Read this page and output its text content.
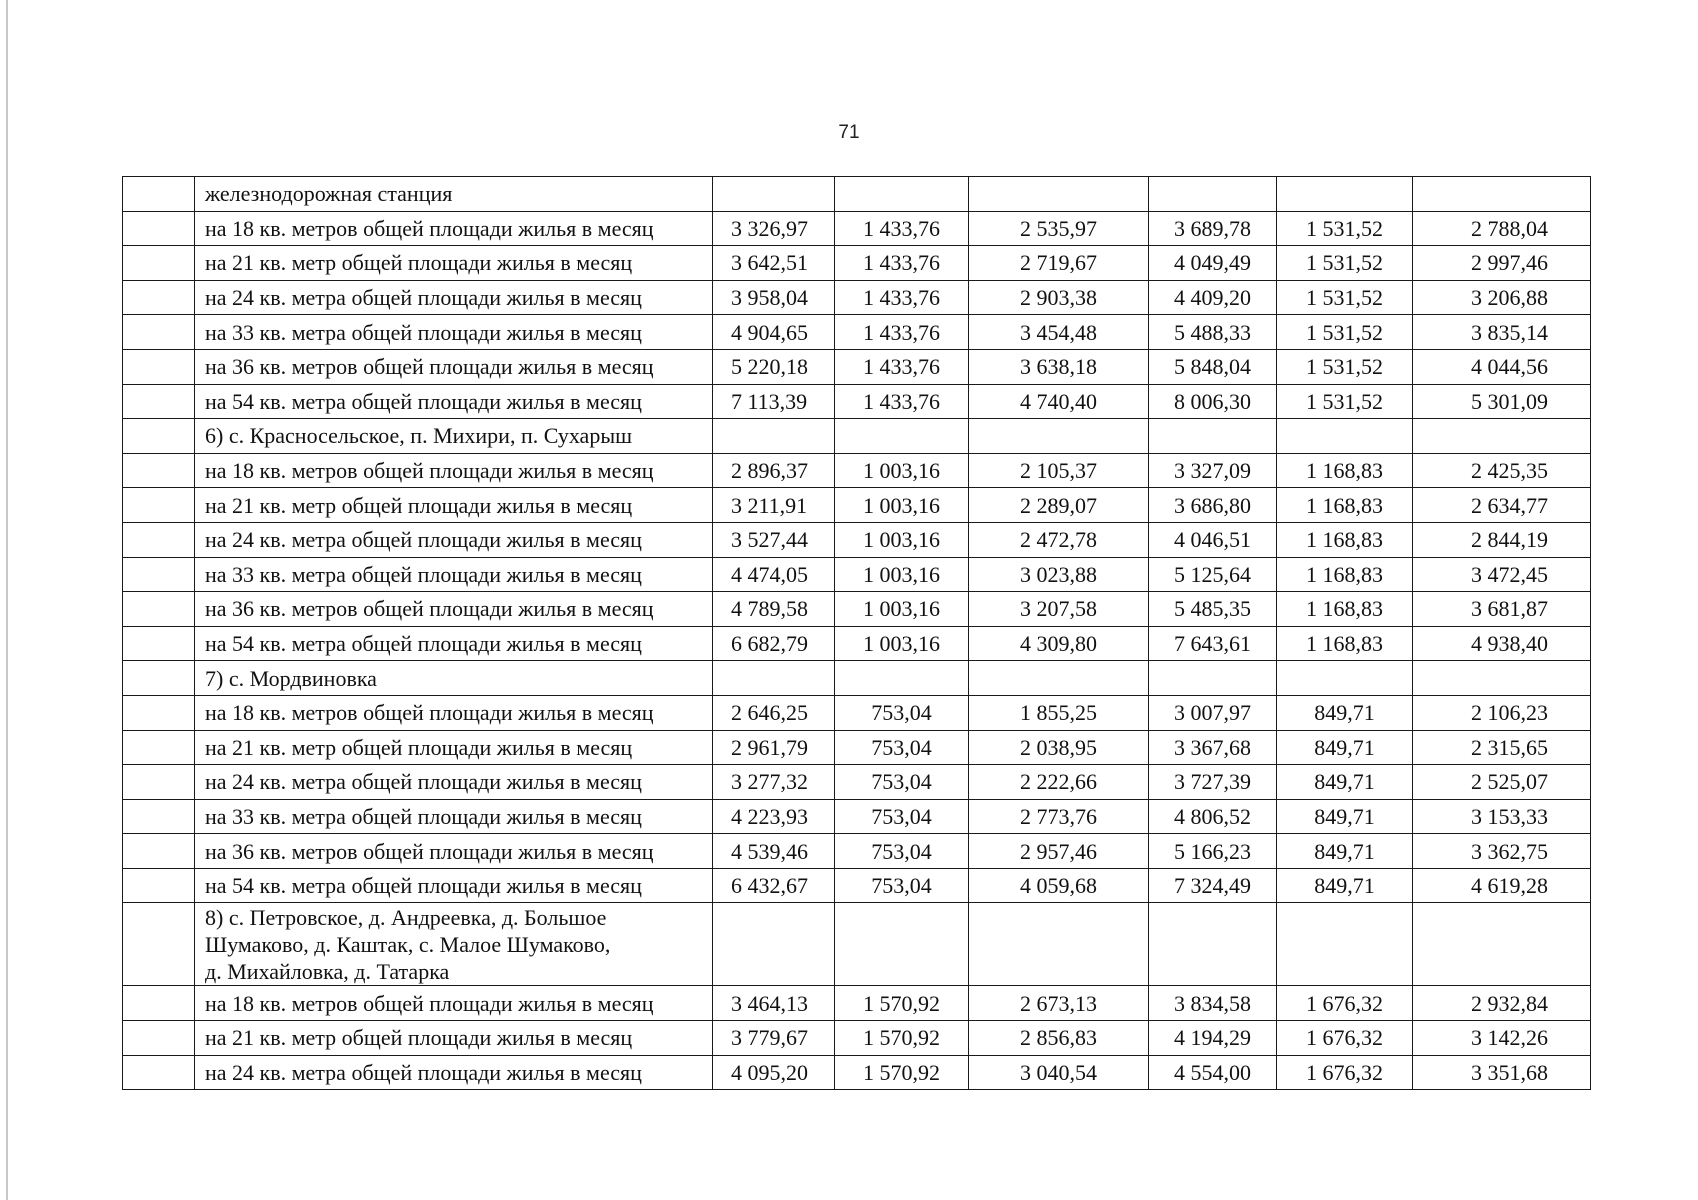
71
	железнодорожная станция						
	на 18 кв. метров общей площади жилья в месяц	3 326,97	1 433,76	2 535,97	3 689,78	1 531,52	2 788,04
	на 21 кв. метр общей площади жилья в месяц	3 642,51	1 433,76	2 719,67	4 049,49	1 531,52	2 997,46
	на 24 кв. метра общей площади жилья в месяц	3 958,04	1 433,76	2 903,38	4 409,20	1 531,52	3 206,88
	на 33 кв. метра общей площади жилья в месяц	4 904,65	1 433,76	3 454,48	5 488,33	1 531,52	3 835,14
	на 36 кв. метров общей площади жилья в месяц	5 220,18	1 433,76	3 638,18	5 848,04	1 531,52	4 044,56
	на 54 кв. метра общей площади жилья в месяц	7 113,39	1 433,76	4 740,40	8 006,30	1 531,52	5 301,09
	6) с. Красносельское, п. Михири, п. Сухарыш						
	на 18 кв. метров общей площади жилья в месяц	2 896,37	1 003,16	2 105,37	3 327,09	1 168,83	2 425,35
	на 21 кв. метр общей площади жилья в месяц	3 211,91	1 003,16	2 289,07	3 686,80	1 168,83	2 634,77
	на 24 кв. метра общей площади жилья в месяц	3 527,44	1 003,16	2 472,78	4 046,51	1 168,83	2 844,19
	на 33 кв. метра общей площади жилья в месяц	4 474,05	1 003,16	3 023,88	5 125,64	1 168,83	3 472,45
	на 36 кв. метров общей площади жилья в месяц	4 789,58	1 003,16	3 207,58	5 485,35	1 168,83	3 681,87
	на 54 кв. метра общей площади жилья в месяц	6 682,79	1 003,16	4 309,80	7 643,61	1 168,83	4 938,40
	7) с. Мордвиновка						
	на 18 кв. метров общей площади жилья в месяц	2 646,25	753,04	1 855,25	3 007,97	849,71	2 106,23
	на 21 кв. метр общей площади жилья в месяц	2 961,79	753,04	2 038,95	3 367,68	849,71	2 315,65
	на 24 кв. метра общей площади жилья в месяц	3 277,32	753,04	2 222,66	3 727,39	849,71	2 525,07
	на 33 кв. метра общей площади жилья в месяц	4 223,93	753,04	2 773,76	4 806,52	849,71	3 153,33
	на 36 кв. метров общей площади жилья в месяц	4 539,46	753,04	2 957,46	5 166,23	849,71	3 362,75
	на 54 кв. метра общей площади жилья в месяц	6 432,67	753,04	4 059,68	7 324,49	849,71	4 619,28

	8) с. Петровское, д. Андреевка, д. Большое
Шумаково, д. Каштак, с. Малое Шумаково,
д. Михайловка, д. Татарка						

	на 18 кв. метров общей площади жилья в месяц	3 464,13	1 570,92	2 673,13	3 834,58	1 676,32	2 932,84
	на 21 кв. метр общей площади жилья в месяц	3 779,67	1 570,92	2 856,83	4 194,29	1 676,32	3 142,26
	на 24 кв. метра общей площади жилья в месяц	4 095,20	1 570,92	3 040,54	4 554,00	1 676,32	3 351,68
